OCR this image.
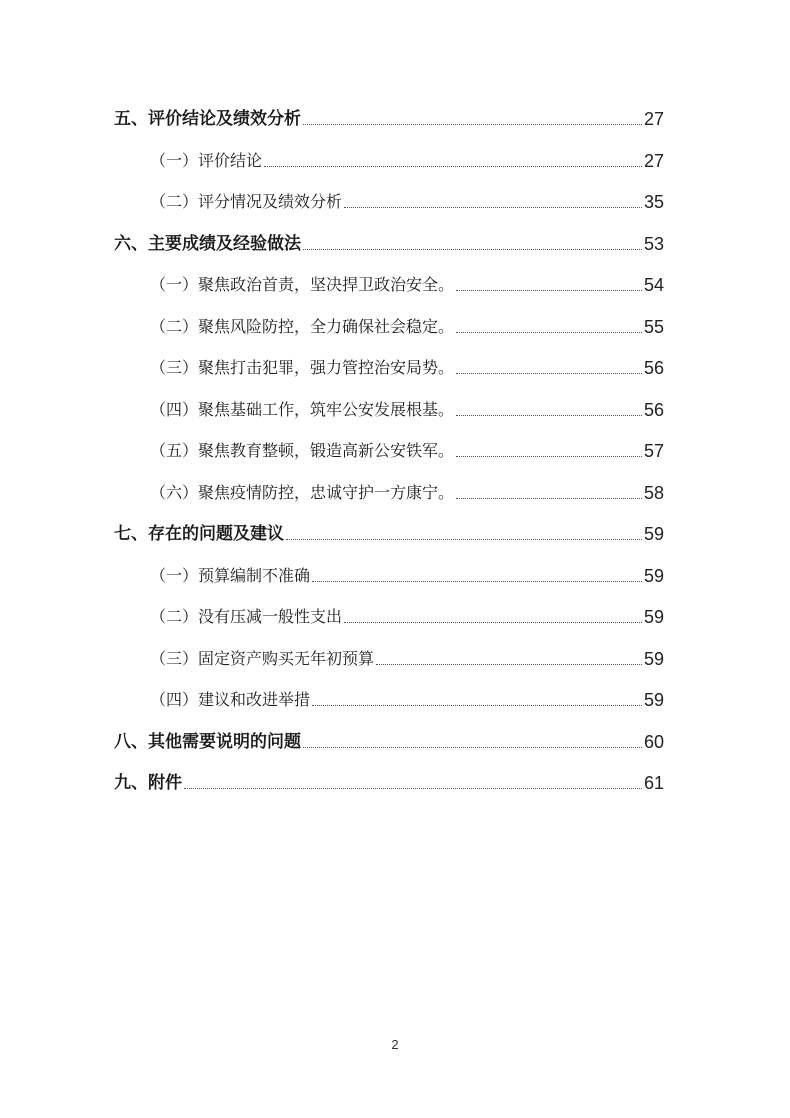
五、评价结论及绩效分析	27
（一）评价结论	27
（二）评分情况及绩效分析	35
六、主要成绩及经验做法	53
（一）聚焦政治首责，坚决捍卫政治安全。	54
（二）聚焦风险防控，全力确保社会稳定。	55
（三）聚焦打击犯罪，强力管控治安局势。	56
（四）聚焦基础工作，筑牢公安发展根基。	56
（五）聚焦教育整顿，锻造高新公安铁军。	57
（六）聚焦疫情防控，忠诚守护一方康宁。	58
七、存在的问题及建议	59
（一）预算编制不准确	59
（二）没有压减一般性支出	59
（三）固定资产购买无年初预算	59
（四）建议和改进举措	59
八、其他需要说明的问题	60
九、附件	61
2
